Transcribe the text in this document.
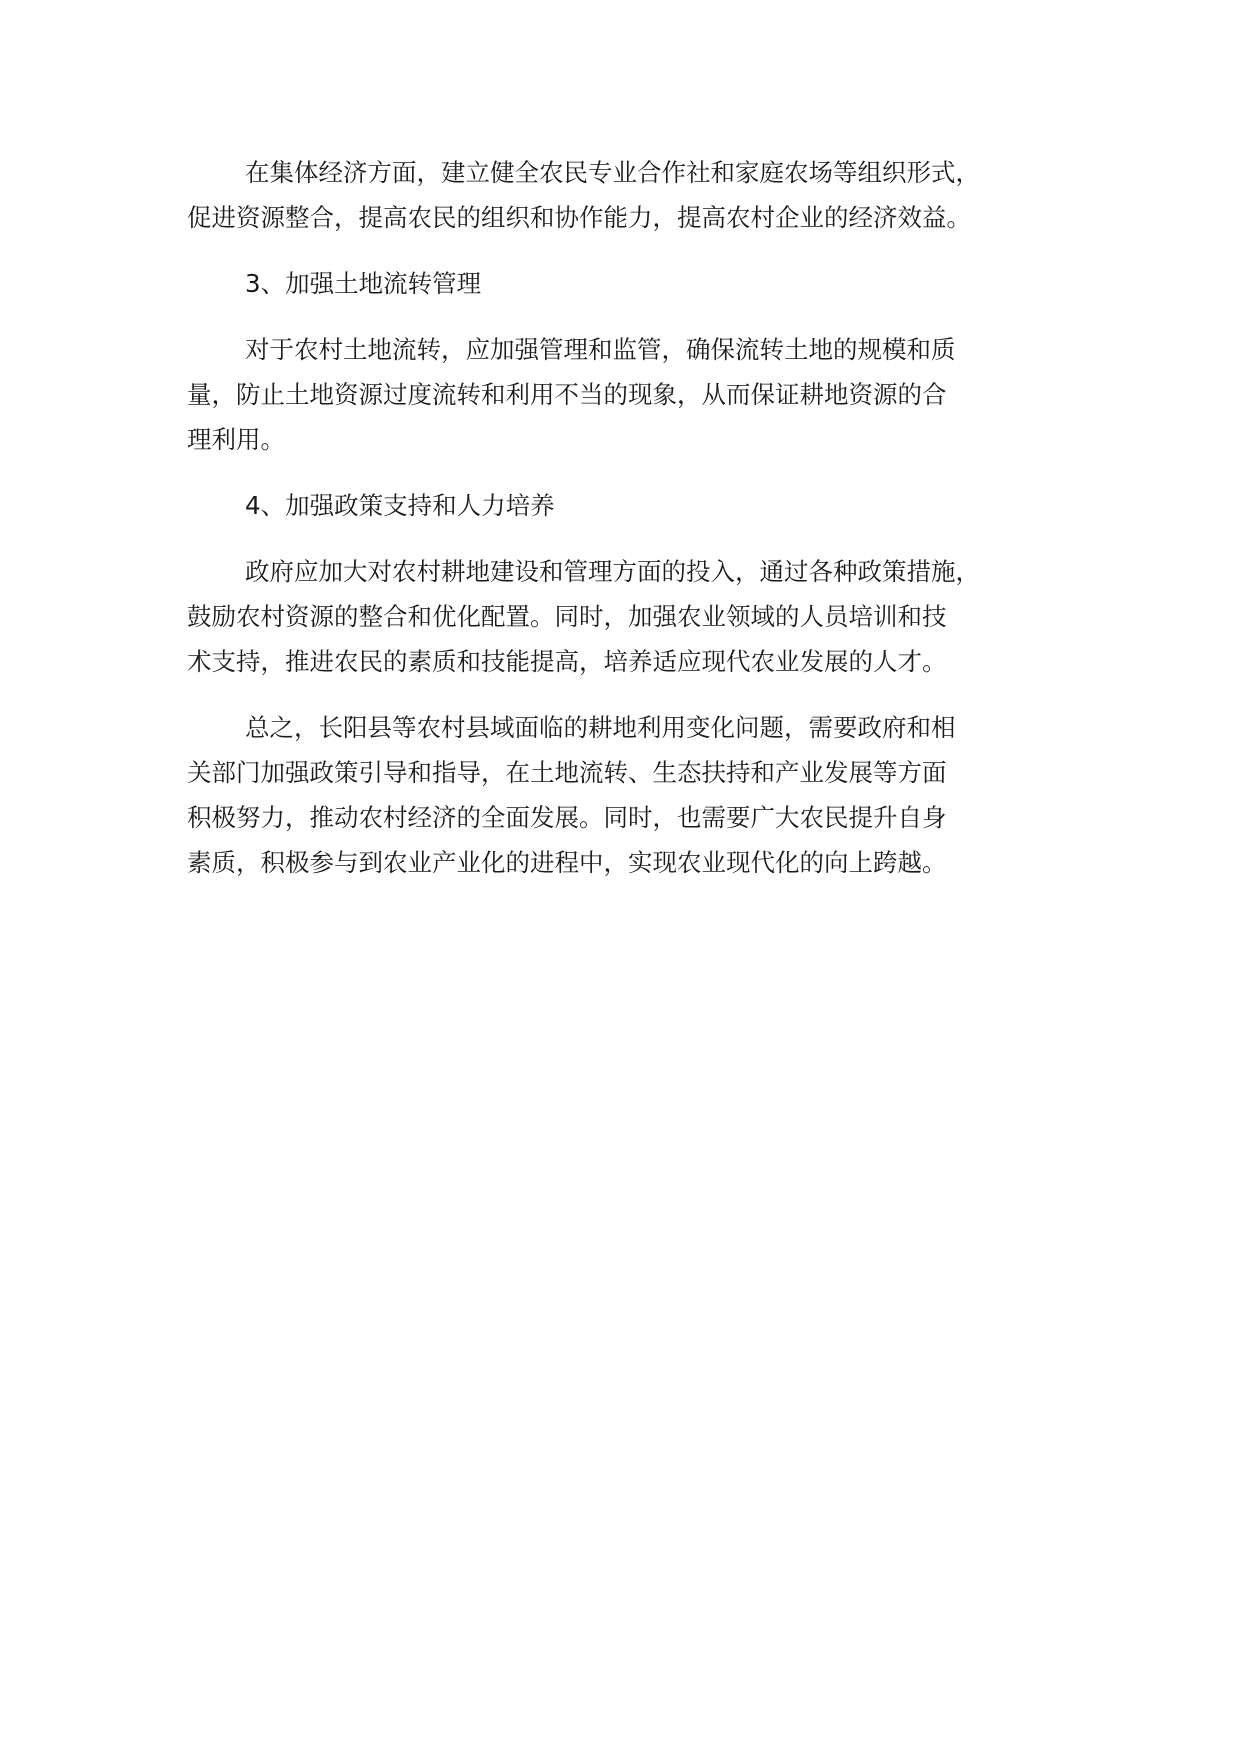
在集体经济方面，建立健全农民专业合作社和家庭农场等组织形式，
促进资源整合，提高农民的组织和协作能力，提高农村企业的经济效益。
3、加强土地流转管理
对于农村土地流转，应加强管理和监管，确保流转土地的规模和质
量，防止土地资源过度流转和利用不当的现象，从而保证耕地资源的合
理利用。
4、加强政策支持和人力培养
政府应加大对农村耕地建设和管理方面的投入，通过各种政策措施，
鼓励农村资源的整合和优化配置。同时，加强农业领域的人员培训和技
术支持，推进农民的素质和技能提高，培养适应现代农业发展的人才。
总之，长阳县等农村县域面临的耕地利用变化问题，需要政府和相
关部门加强政策引导和指导，在土地流转、生态扶持和产业发展等方面
积极努力，推动农村经济的全面发展。同时，也需要广大农民提升自身
素质，积极参与到农业产业化的进程中，实现农业现代化的向上跨越。
